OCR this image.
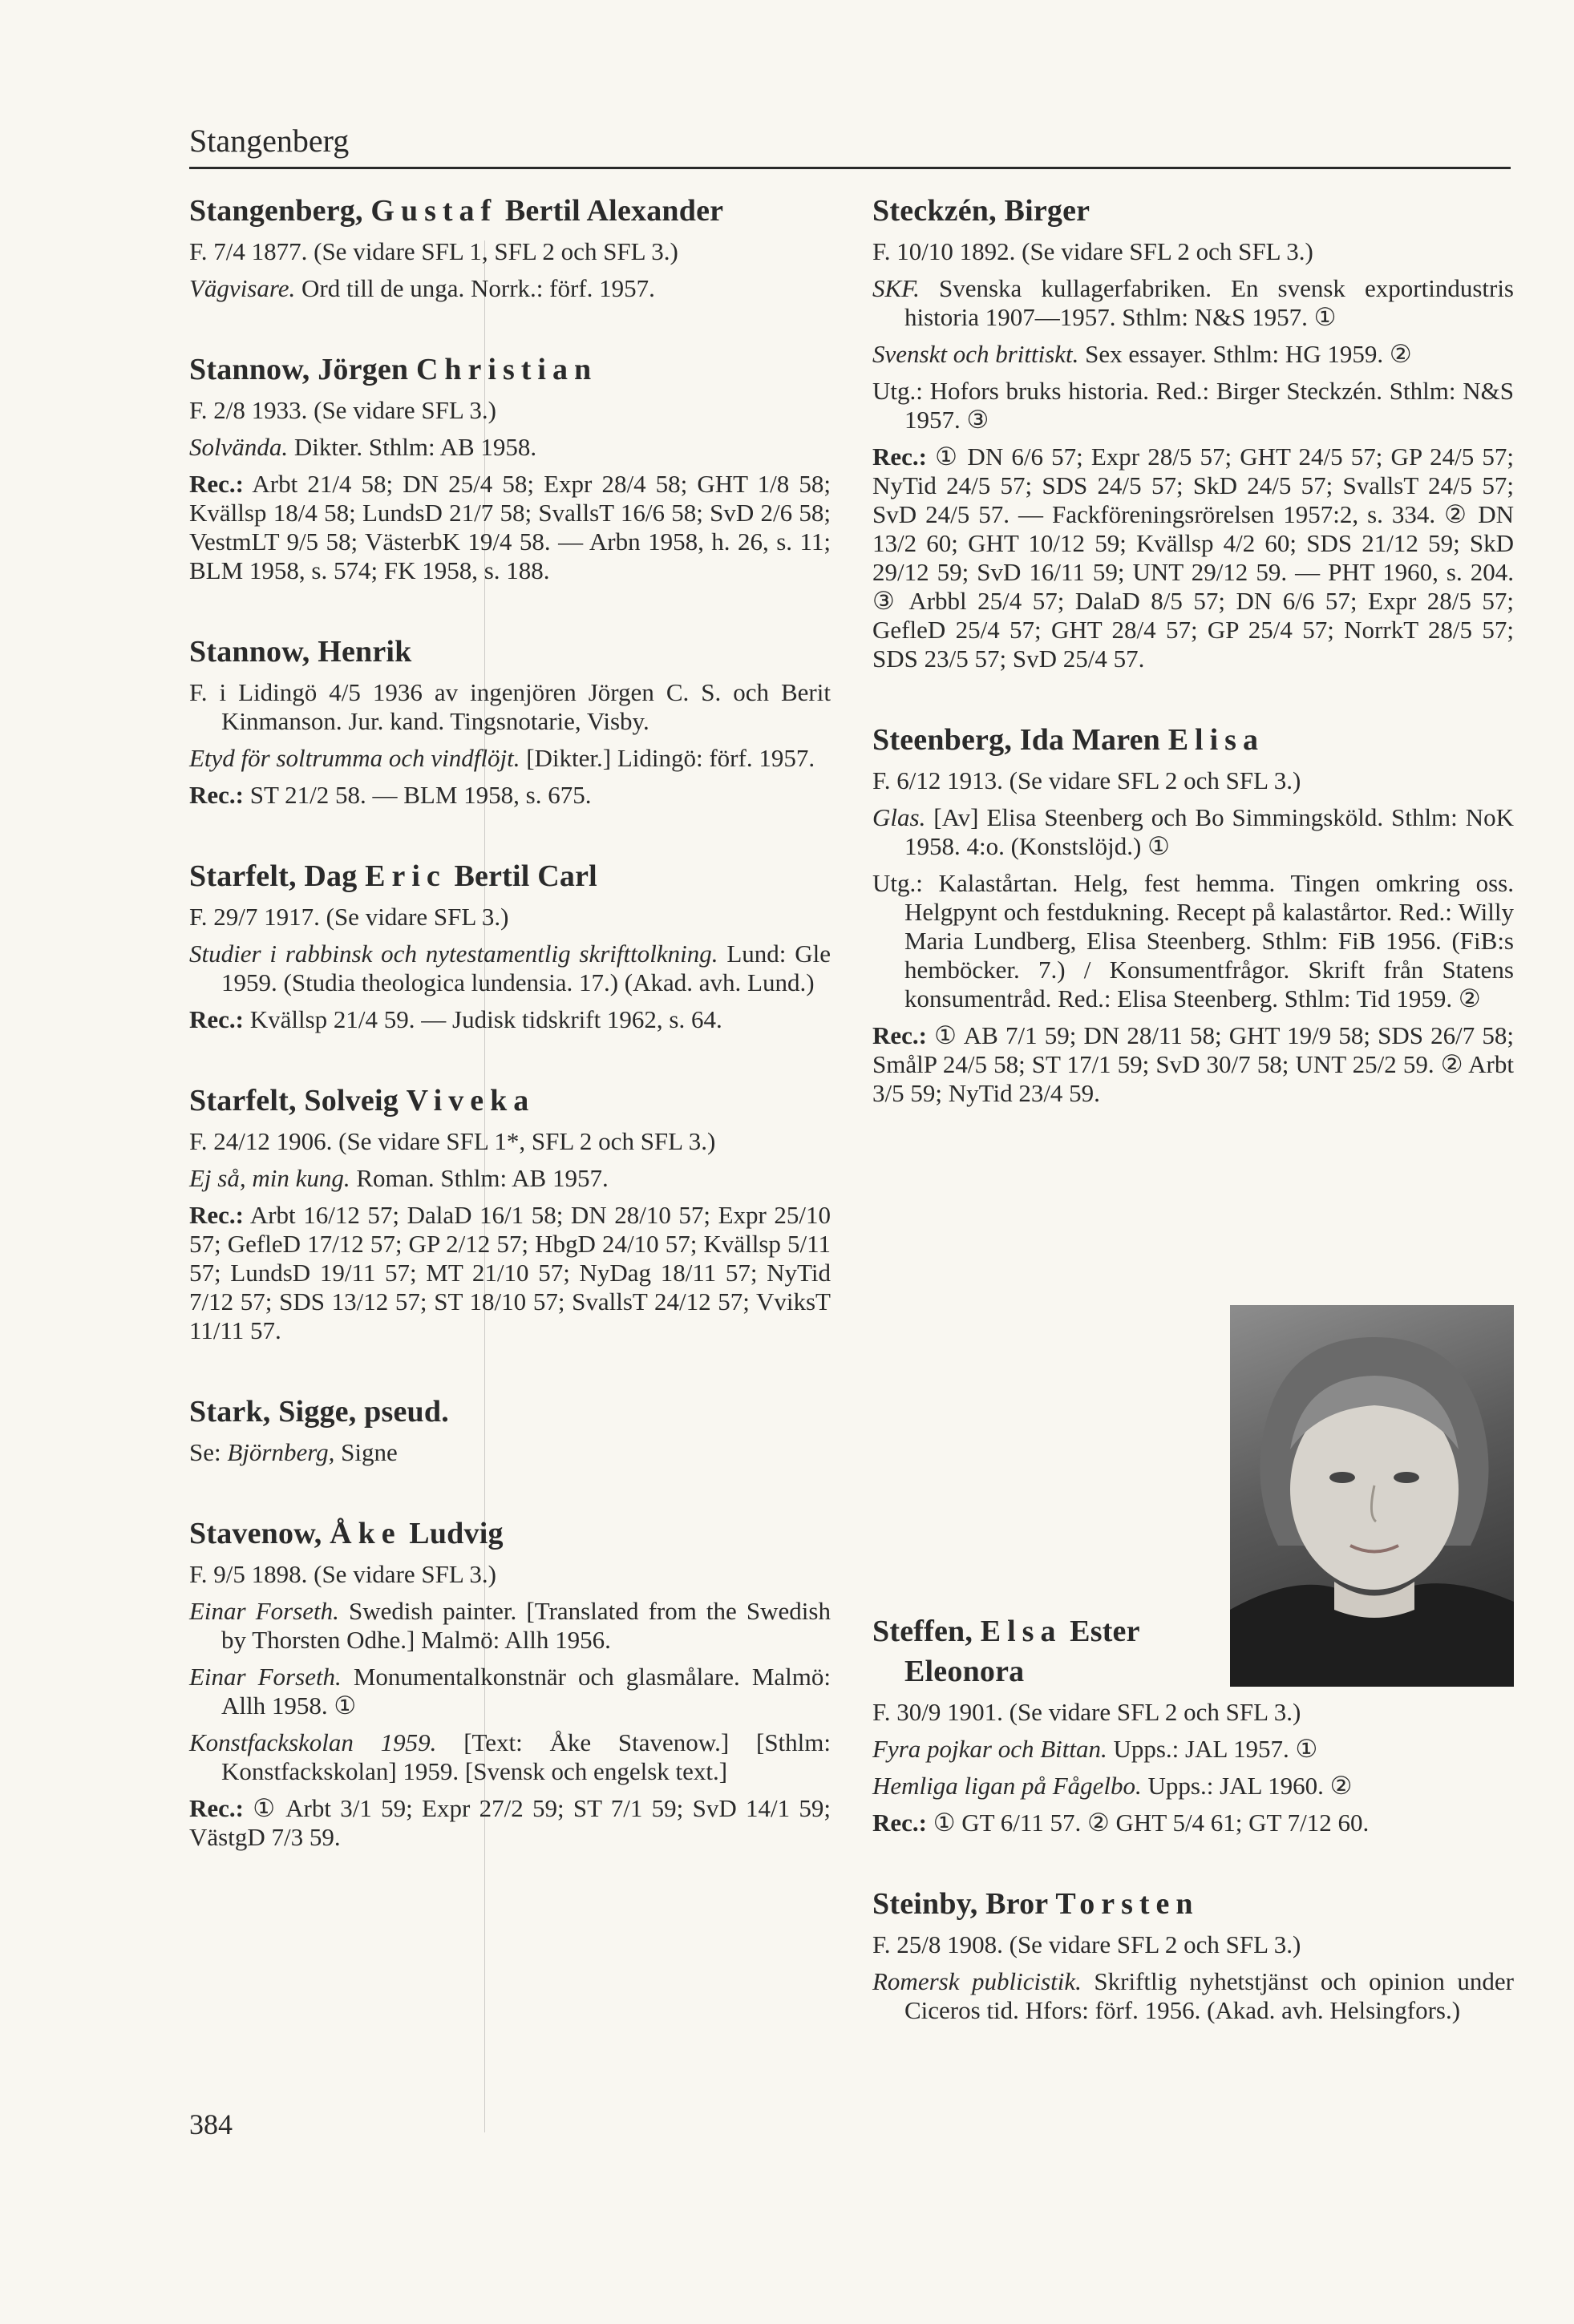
Stangenberg
Stangenberg, Gustaf Bertil Alexander

F. 7/4 1877. (Se vidare SFL 1, SFL 2 och SFL 3.)

Vägvisare. Ord till de unga. Norrk.: förf. 1957.

Stannow, Jörgen Christian

F. 2/8 1933. (Se vidare SFL 3.)

Solvända. Dikter. Sthlm: AB 1958.

Rec.: Arbt 21/4 58; DN 25/4 58; Expr 28/4 58; GHT 1/8 58; Kvällsp 18/4 58; LundsD 21/7 58; SvallsT 16/6 58; SvD 2/6 58; VestmLT 9/5 58; VästerbK 19/4 58. — Arbn 1958, h. 26, s. 11; BLM 1958, s. 574; FK 1958, s. 188.

Stannow, Henrik

F. i Lidingö 4/5 1936 av ingenjören Jörgen C. S. och Berit Kinmanson. Jur. kand. Tingsnotarie, Visby.

Etyd för soltrumma och vindflöjt. [Dikter.] Lidingö: förf. 1957.

Rec.: ST 21/2 58. — BLM 1958, s. 675.

Starfelt, Dag Eric Bertil Carl

F. 29/7 1917. (Se vidare SFL 3.)

Studier i rabbinsk och nytestamentlig skrifttolkning. Lund: Gle 1959. (Studia theologica lundensia. 17.) (Akad. avh. Lund.)

Rec.: Kvällsp 21/4 59. — Judisk tidskrift 1962, s. 64.

Starfelt, Solveig Viveka

F. 24/12 1906. (Se vidare SFL 1*, SFL 2 och SFL 3.)

Ej så, min kung. Roman. Sthlm: AB 1957.

Rec.: Arbt 16/12 57; DalaD 16/1 58; DN 28/10 57; Expr 25/10 57; GefleD 17/12 57; GP 2/12 57; HbgD 24/10 57; Kvällsp 5/11 57; LundsD 19/11 57; MT 21/10 57; NyDag 18/11 57; NyTid 7/12 57; SDS 13/12 57; ST 18/10 57; SvallsT 24/12 57; VviksT 11/11 57.

Stark, Sigge, pseud.

Se: Björnberg, Signe

Stavenow, Åke Ludvig

F. 9/5 1898. (Se vidare SFL 3.)

Einar Forseth. Swedish painter. [Translated from the Swedish by Thorsten Odhe.] Malmö: Allh 1956.

Einar Forseth. Monumentalkonstnär och glasmålare. Malmö: Allh 1958. ①

Konstfackskolan 1959. [Text: Åke Stavenow.] [Sthlm: Konstfackskolan] 1959. [Svensk och engelsk text.]

Rec.: ① Arbt 3/1 59; Expr 27/2 59; ST 7/1 59; SvD 14/1 59; VästgD 7/3 59.

Steckzén, Birger

F. 10/10 1892. (Se vidare SFL 2 och SFL 3.)

SKF. Svenska kullagerfabriken. En svensk exportindustris historia 1907—1957. Sthlm: N&S 1957. ①

Svenskt och brittiskt. Sex essayer. Sthlm: HG 1959. ②

Utg.: Hofors bruks historia. Red.: Birger Steckzén. Sthlm: N&S 1957. ③

Rec.: ① DN 6/6 57; Expr 28/5 57; GHT 24/5 57; GP 24/5 57; NyTid 24/5 57; SDS 24/5 57; SkD 24/5 57; SvallsT 24/5 57; SvD 24/5 57. — Fackföreningsrörelsen 1957:2, s. 334. ② DN 13/2 60; GHT 10/12 59; Kvällsp 4/2 60; SDS 21/12 59; SkD 29/12 59; SvD 16/11 59; UNT 29/12 59. — PHT 1960, s. 204. ③ Arbbl 25/4 57; DalaD 8/5 57; DN 6/6 57; Expr 28/5 57; GefleD 25/4 57; GHT 28/4 57; GP 25/4 57; NorrkT 28/5 57; SDS 23/5 57; SvD 25/4 57.

Steenberg, Ida Maren Elisa

F. 6/12 1913. (Se vidare SFL 2 och SFL 3.)

Glas. [Av] Elisa Steenberg och Bo Simmingsköld. Sthlm: NoK 1958. 4:o. (Konstslöjd.) ①

Utg.: Kalastårtan. Helg, fest hemma. Tingen omkring oss. Helgpynt och festdukning. Recept på kalastårtor. Red.: Willy Maria Lundberg, Elisa Steenberg. Sthlm: FiB 1956. (FiB:s hemböcker. 7.) / Konsumentfrågor. Skrift från Statens konsumentråd. Red.: Elisa Steenberg. Sthlm: Tid 1959. ②

Rec.: ① AB 7/1 59; DN 28/11 58; GHT 19/9 58; SDS 26/7 58; SmålP 24/5 58; ST 17/1 59; SvD 30/7 58; UNT 25/2 59. ② Arbt 3/5 59; NyTid 23/4 59.

Steffen, Elsa Ester
Eleonora

F. 30/9 1901. (Se vidare SFL 2 och SFL 3.)

Fyra pojkar och Bittan. Upps.: JAL 1957. ①

Hemliga ligan på Fågelbo. Upps.: JAL 1960. ②

Rec.: ① GT 6/11 57. ② GHT 5/4 61; GT 7/12 60.

Steinby, Bror Torsten

F. 25/8 1908. (Se vidare SFL 2 och SFL 3.)

Romersk publicistik. Skriftlig nyhetstjänst och opinion under Ciceros tid. Hfors: förf. 1956. (Akad. avh. Helsingfors.)

384
